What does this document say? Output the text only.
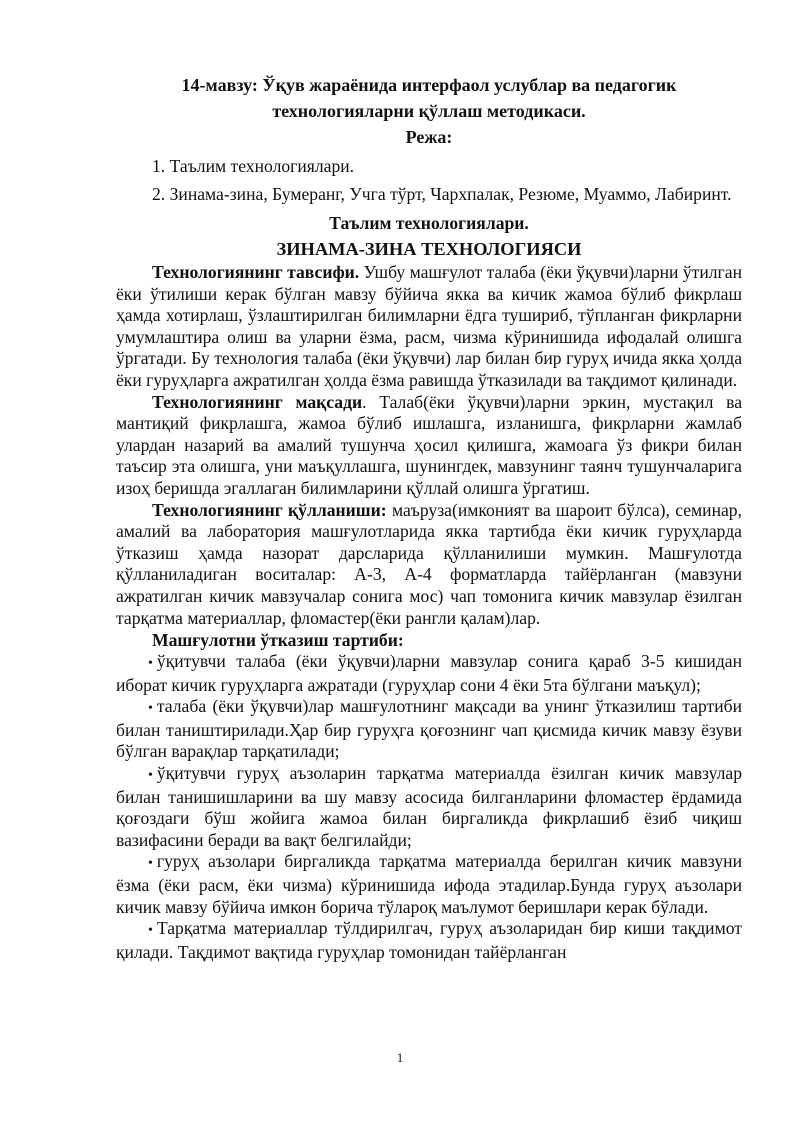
14-мавзу: Ўқув жараёнида интерфаол услублар ва педагогик

технологияларни қўллаш методикаси.

Режа:

1. Таълим технологиялари.

2. Зинама-зина, Бумеранг, Учга тўрт, Чархпалак, Резюме, Муаммо, Лабиринт.

Таълим технологиялари.

ЗИНАМА-ЗИНА ТЕХНОЛОГИЯСИ

Технологиянинг тавсифи. Ушбу машғулот талаба (ёки ўқувчи)ларни ўтилган ёки ўтилиши керак бўлган мавзу бўйича якка ва кичик жамоа бўлиб фикрлаш ҳамда хотирлаш, ўзлаштирилган билимларни ёдга тушириб, тўпланган фикрларни умумлаштира олиш ва уларни ёзма, расм, чизма кўринишида ифодалай олишга ўргатади. Бу технология талаба (ёки ўқувчи) лар билан бир гуруҳ ичида якка ҳолда ёки гуруҳларга ажратилган ҳолда ёзма равишда ўтказилади ва тақдимот қилинади.

Технологиянинг мақсади. Талаб(ёки ўқувчи)ларни эркин, мустақил ва мантиқий фикрлашга, жамоа бўлиб ишлашга, изланишга, фикрларни жамлаб улардан назарий ва амалий тушунча ҳосил қилишга, жамоага ўз фикри билан таъсир эта олишга, уни маъқуллашга, шунингдек, мавзунинг таянч тушунчаларига изоҳ беришда эгаллаган билимларини қўллай олишга ўргатиш.

Технологиянинг қўлланиши: маъруза(имконият ва шароит бўлса), семинар, амалий ва лаборатория машғулотларида якка тартибда ёки кичик гуруҳларда ўтказиш ҳамда назорат дарсларида қўлланилиши мумкин. Машғулотда қўлланиладиган воситалар: А-3, А-4 форматларда тайёрланган (мавзуни ажратилган кичик мавзучалар сонига мос) чап томонига кичик мавзулар ёзилган тарқатма материаллар, фломастер(ёки рангли қалам)лар.

Машғулотни ўтказиш тартиби:

• ўқитувчи талаба (ёки ўқувчи)ларни мавзулар сонига қараб 3-5 кишидан иборат кичик гуруҳларга ажратади (гуруҳлар сони 4 ёки 5та бўлгани маъқул);

• талаба (ёки ўқувчи)лар машғулотнинг мақсади ва унинг ўтказилиш тартиби билан таништирилади.Ҳар бир гуруҳга қоғознинг чап қисмида кичик мавзу ёзуви бўлган варақлар тарқатилади;

• ўқитувчи гуруҳ аъзоларин тарқатма материалда ёзилган кичик мавзулар билан танишишларини ва шу мавзу асосида билганларини фломастер ёрдамида қоғоздаги бўш жойига жамоа билан биргаликда фикрлашиб ёзиб чиқиш вазифасини беради ва вақт белгилайди;

• гуруҳ аъзолари биргаликда тарқатма материалда берилган кичик мавзуни ёзма (ёки расм, ёки чизма) кўринишида ифода этадилар.Бунда гуруҳ аъзолари кичик мавзу бўйича имкон борича тўлароқ маълумот беришлари керак бўлади.

• Тарқатма материаллар тўлдирилгач, гуруҳ аъзоларидан бир киши тақдимот қилади. Тақдимот вақтида гуруҳлар томонидан тайёрланган

1
